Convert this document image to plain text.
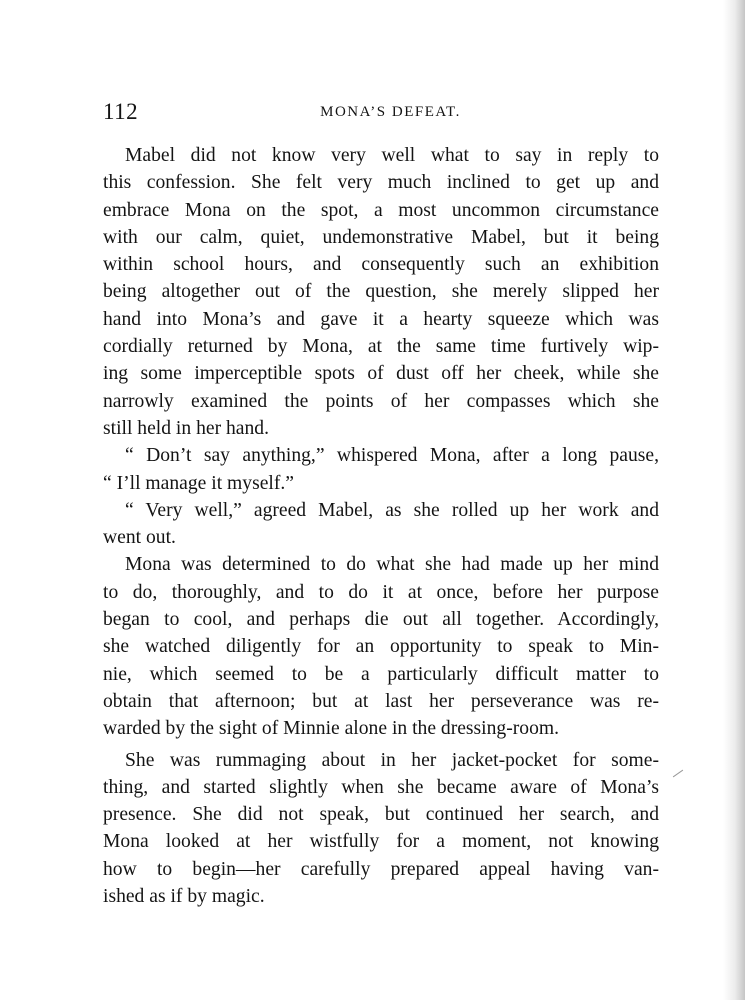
112	MONA’S DEFEAT.
Mabel did not know very well what to say in reply to
this confession. She felt very much inclined to get up and
embrace Mona on the spot, a most uncommon circumstance
with our calm, quiet, undemonstrative Mabel, but it being
within school hours, and consequently such an exhibition
being altogether out of the question, she merely slipped her
hand into Mona’s and gave it a hearty squeeze which was
cordially returned by Mona, at the same time furtively wip-
ing some imperceptible spots of dust off her cheek, while she
narrowly examined the points of her compasses which she
still held in her hand.
“ Don’t say anything,” whispered Mona, after a long pause,
“ I’ll manage it myself.”
“ Very well,” agreed Mabel, as she rolled up her work and
went out.
Mona was determined to do what she had made up her mind
to do, thoroughly, and to do it at once, before her purpose
began to cool, and perhaps die out all together. Accordingly,
she watched diligently for an opportunity to speak to Min-
nie, which seemed to be a particularly difficult matter to
obtain that afternoon; but at last her perseverance was re-
warded by the sight of Minnie alone in the dressing-room.
She was rummaging about in her jacket-pocket for some-
thing, and started slightly when she became aware of Mona’s
presence. She did not speak, but continued her search, and
Mona looked at her wistfully for a moment, not knowing
how to begin—her carefully prepared appeal having van-
ished as if by magic.
